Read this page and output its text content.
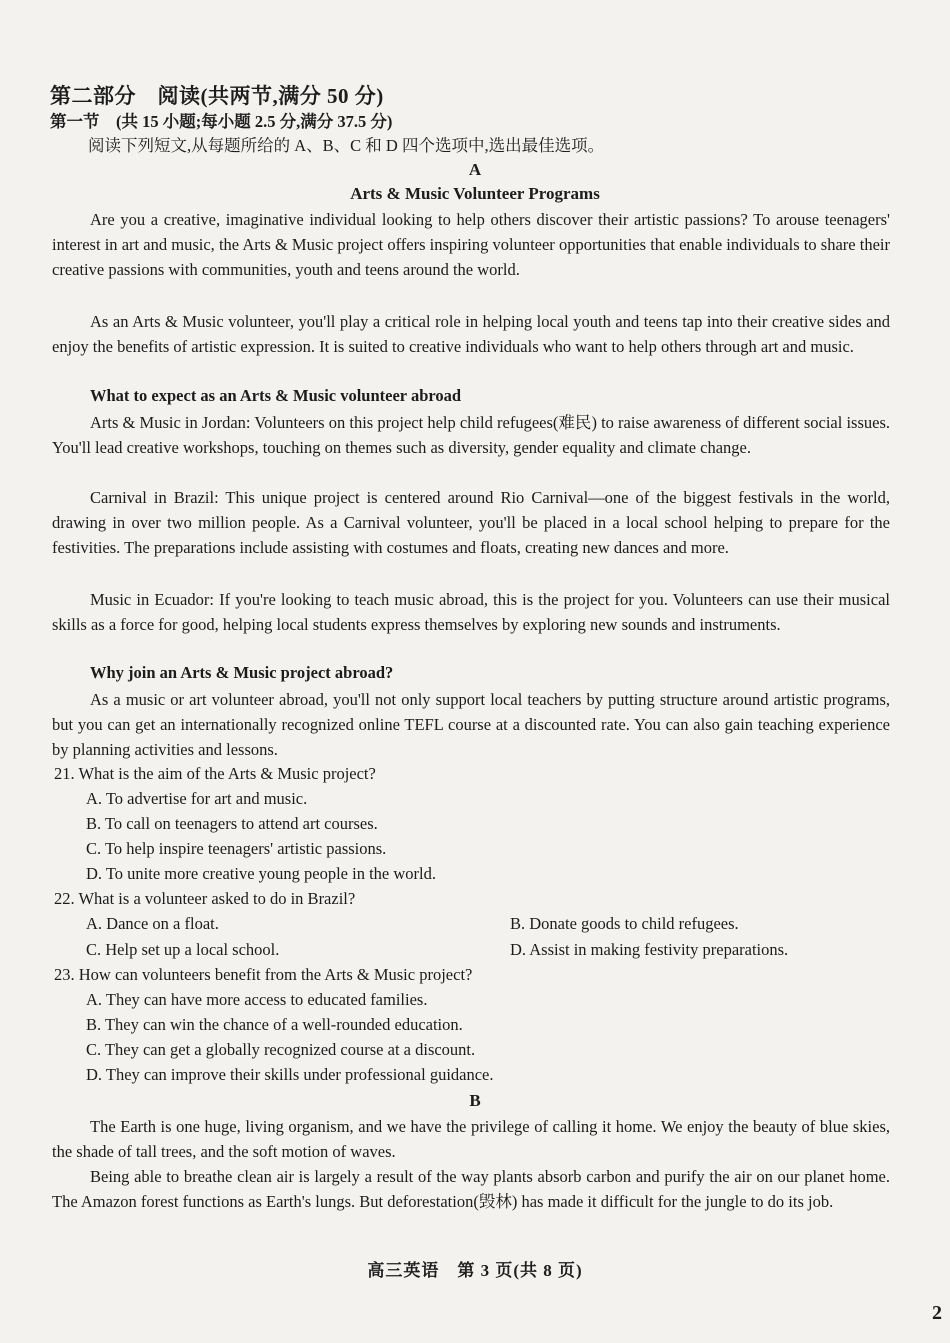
第二部分　阅读(共两节,满分 50 分)
第一节　(共 15 小题;每小题 2.5 分,满分 37.5 分)
阅读下列短文,从每题所给的 A、B、C 和 D 四个选项中,选出最佳选项。
A
Arts & Music Volunteer Programs

Are you a creative, imaginative individual looking to help others discover their artistic passions? To arouse teenagers' interest in art and music, the Arts & Music project offers inspiring volunteer opportunities that enable individuals to share their creative passions with communities, youth and teens around the world.

As an Arts & Music volunteer, you'll play a critical role in helping local youth and teens tap into their creative sides and enjoy the benefits of artistic expression. It is suited to creative individuals who want to help others through art and music.

What to expect as an Arts & Music volunteer abroad

Arts & Music in Jordan: Volunteers on this project help child refugees(难民) to raise awareness of different social issues. You'll lead creative workshops, touching on themes such as diversity, gender equality and climate change.

Carnival in Brazil: This unique project is centered around Rio Carnival—one of the biggest festivals in the world, drawing in over two million people. As a Carnival volunteer, you'll be placed in a local school helping to prepare for the festivities. The preparations include assisting with costumes and floats, creating new dances and more.

Music in Ecuador: If you're looking to teach music abroad, this is the project for you. Volunteers can use their musical skills as a force for good, helping local students express themselves by exploring new sounds and instruments.

Why join an Arts & Music project abroad?

As a music or art volunteer abroad, you'll not only support local teachers by putting structure around artistic programs, but you can get an internationally recognized online TEFL course at a discounted rate. You can also gain teaching experience by planning activities and lessons.

21. What is the aim of the Arts & Music project?
A. To advertise for art and music.
B. To call on teenagers to attend art courses.
C. To help inspire teenagers' artistic passions.
D. To unite more creative young people in the world.
22. What is a volunteer asked to do in Brazil?
A. Dance on a float.	B. Donate goods to child refugees.
C. Help set up a local school.	D. Assist in making festivity preparations.
23. How can volunteers benefit from the Arts & Music project?
A. They can have more access to educated families.
B. They can win the chance of a well-rounded education.
C. They can get a globally recognized course at a discount.
D. They can improve their skills under professional guidance.
B

The Earth is one huge, living organism, and we have the privilege of calling it home. We enjoy the beauty of blue skies, the shade of tall trees, and the soft motion of waves.

Being able to breathe clean air is largely a result of the way plants absorb carbon and purify the air on our planet home. The Amazon forest functions as Earth's lungs. But deforestation(毁林) has made it difficult for the jungle to do its job.

高三英语　第 3 页(共 8 页)
2
